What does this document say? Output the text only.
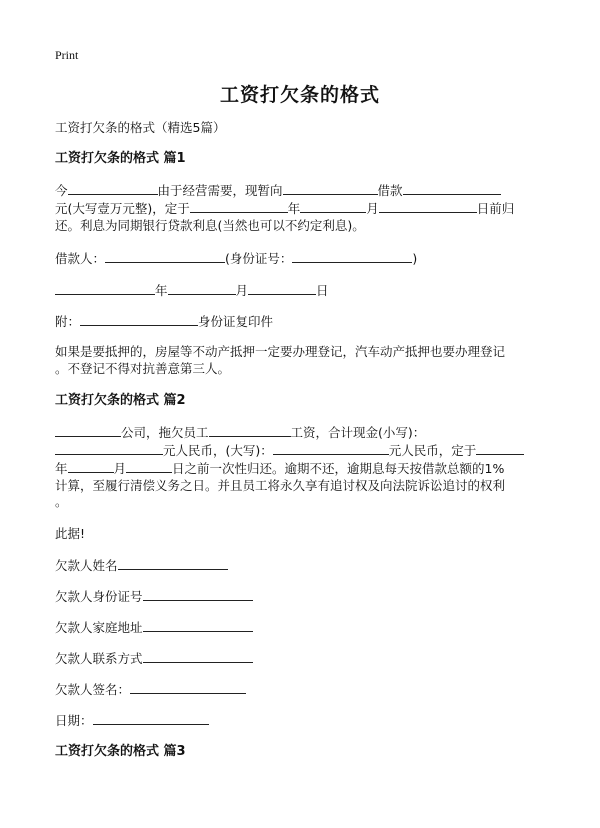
Print
工资打欠条的格式
工资打欠条的格式（精选5篇）
工资打欠条的格式 篇1
今	由于经营需要，现暂向	借款
元(大写壹万元整)，定于	年	月	日前归
还。利息为同期银行贷款利息(当然也可以不约定利息)。
借款人：	(身份证号：	)
年	月	日
附：	身份证复印件
如果是要抵押的，房屋等不动产抵押一定要办理登记，汽车动产抵押也要办理登记
。不登记不得对抗善意第三人。
工资打欠条的格式 篇2
公司，拖欠员工	工资，合计现金(小写)：
元人民币，(大写)：	元人民币，定于
年	月	日之前一次性归还。逾期不还，逾期息每天按借款总额的1%
计算，至履行清偿义务之日。并且员工将永久享有追讨权及向法院诉讼追讨的权利
。
此据!
欠款人姓名
欠款人身份证号
欠款人家庭地址
欠款人联系方式
欠款人签名：
日期：
工资打欠条的格式 篇3
